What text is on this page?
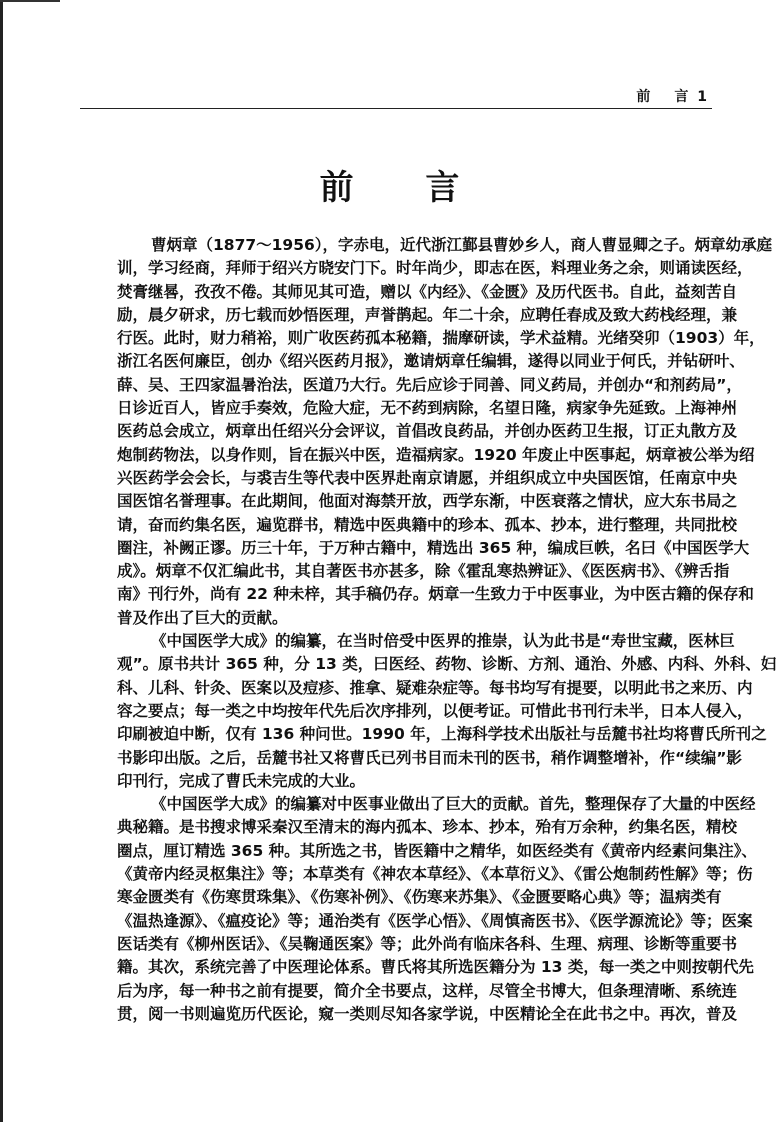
前 言 1
前 言
曹炳章（1877～1956），字赤电，近代浙江鄞县曹妙乡人，商人曹显卿之子。炳章幼承庭
训，学习经商，拜师于绍兴方晓安门下。时年尚少，即志在医，料理业务之余，则诵读医经，
焚膏继晷，孜孜不倦。其师见其可造，赠以《内经》、《金匮》及历代医书。自此，益刻苦自
励，晨夕研求，历七载而妙悟医理，声誉鹊起。年二十余，应聘任春成及致大药栈经理，兼
行医。此时，财力稍裕，则广收医药孤本秘籍，揣摩研读，学术益精。光绪癸卯（1903）年，
浙江名医何廉臣，创办《绍兴医药月报》，邀请炳章任编辑，遂得以同业于何氏，并钻研叶、
薛、吴、王四家温暑治法，医道乃大行。先后应诊于同善、同义药局，并创办“和剂药局”，
日诊近百人，皆应手奏效，危险大症，无不药到病除，名望日隆，病家争先延致。上海神州
医药总会成立，炳章出任绍兴分会评议，首倡改良药品，并创办医药卫生报，订正丸散方及
炮制药物法，以身作则，旨在振兴中医，造福病家。1920 年废止中医事起，炳章被公举为绍
兴医药学会会长，与裘吉生等代表中医界赴南京请愿，并组织成立中央国医馆，任南京中央
国医馆名誉理事。在此期间，他面对海禁开放，西学东渐，中医衰落之情状，应大东书局之
请，奋而约集名医，遍览群书，精选中医典籍中的珍本、孤本、抄本，进行整理，共同批校
圈注，补阙正谬。历三十年，于万种古籍中，精选出 365 种，编成巨帙，名曰《中国医学大
成》。炳章不仅汇编此书，其自著医书亦甚多，除《霍乱寒热辨证》、《医医病书》、《辨舌指
南》刊行外，尚有 22 种未梓，其手稿仍存。炳章一生致力于中医事业，为中医古籍的保存和
普及作出了巨大的贡献。
《中国医学大成》的编纂，在当时倍受中医界的推崇，认为此书是“寿世宝藏，医林巨
观”。原书共计 365 种，分 13 类，曰医经、药物、诊断、方剂、通治、外感、内科、外科、妇
科、儿科、针灸、医案以及痘疹、推拿、疑难杂症等。每书均写有提要，以明此书之来历、内
容之要点；每一类之中均按年代先后次序排列，以便考证。可惜此书刊行未半，日本人侵入，
印刷被迫中断，仅有 136 种问世。1990 年，上海科学技术出版社与岳麓书社均将曹氏所刊之
书影印出版。之后，岳麓书社又将曹氏已列书目而未刊的医书，稍作调整增补，作“续编”影
印刊行，完成了曹氏未完成的大业。
《中国医学大成》的编纂对中医事业做出了巨大的贡献。首先，整理保存了大量的中医经
典秘籍。是书搜求博采秦汉至清末的海内孤本、珍本、抄本，殆有万余种，约集名医，精校
圈点，厘订精选 365 种。其所选之书，皆医籍中之精华，如医经类有《黄帝内经素问集注》、
《黄帝内经灵枢集注》等；本草类有《神农本草经》、《本草衍义》、《雷公炮制药性解》等；伤
寒金匮类有《伤寒贯珠集》、《伤寒补例》、《伤寒来苏集》、《金匮要略心典》等；温病类有
《温热逢源》、《瘟疫论》等；通治类有《医学心悟》、《周慎斋医书》、《医学源流论》等；医案
医话类有《柳州医话》、《吴鞠通医案》等；此外尚有临床各科、生理、病理、诊断等重要书
籍。其次，系统完善了中医理论体系。曹氏将其所选医籍分为 13 类，每一类之中则按朝代先
后为序，每一种书之前有提要，简介全书要点，这样，尽管全书博大，但条理清晰、系统连
贯，阅一书则遍览历代医论，窥一类则尽知各家学说，中医精论全在此书之中。再次，普及
